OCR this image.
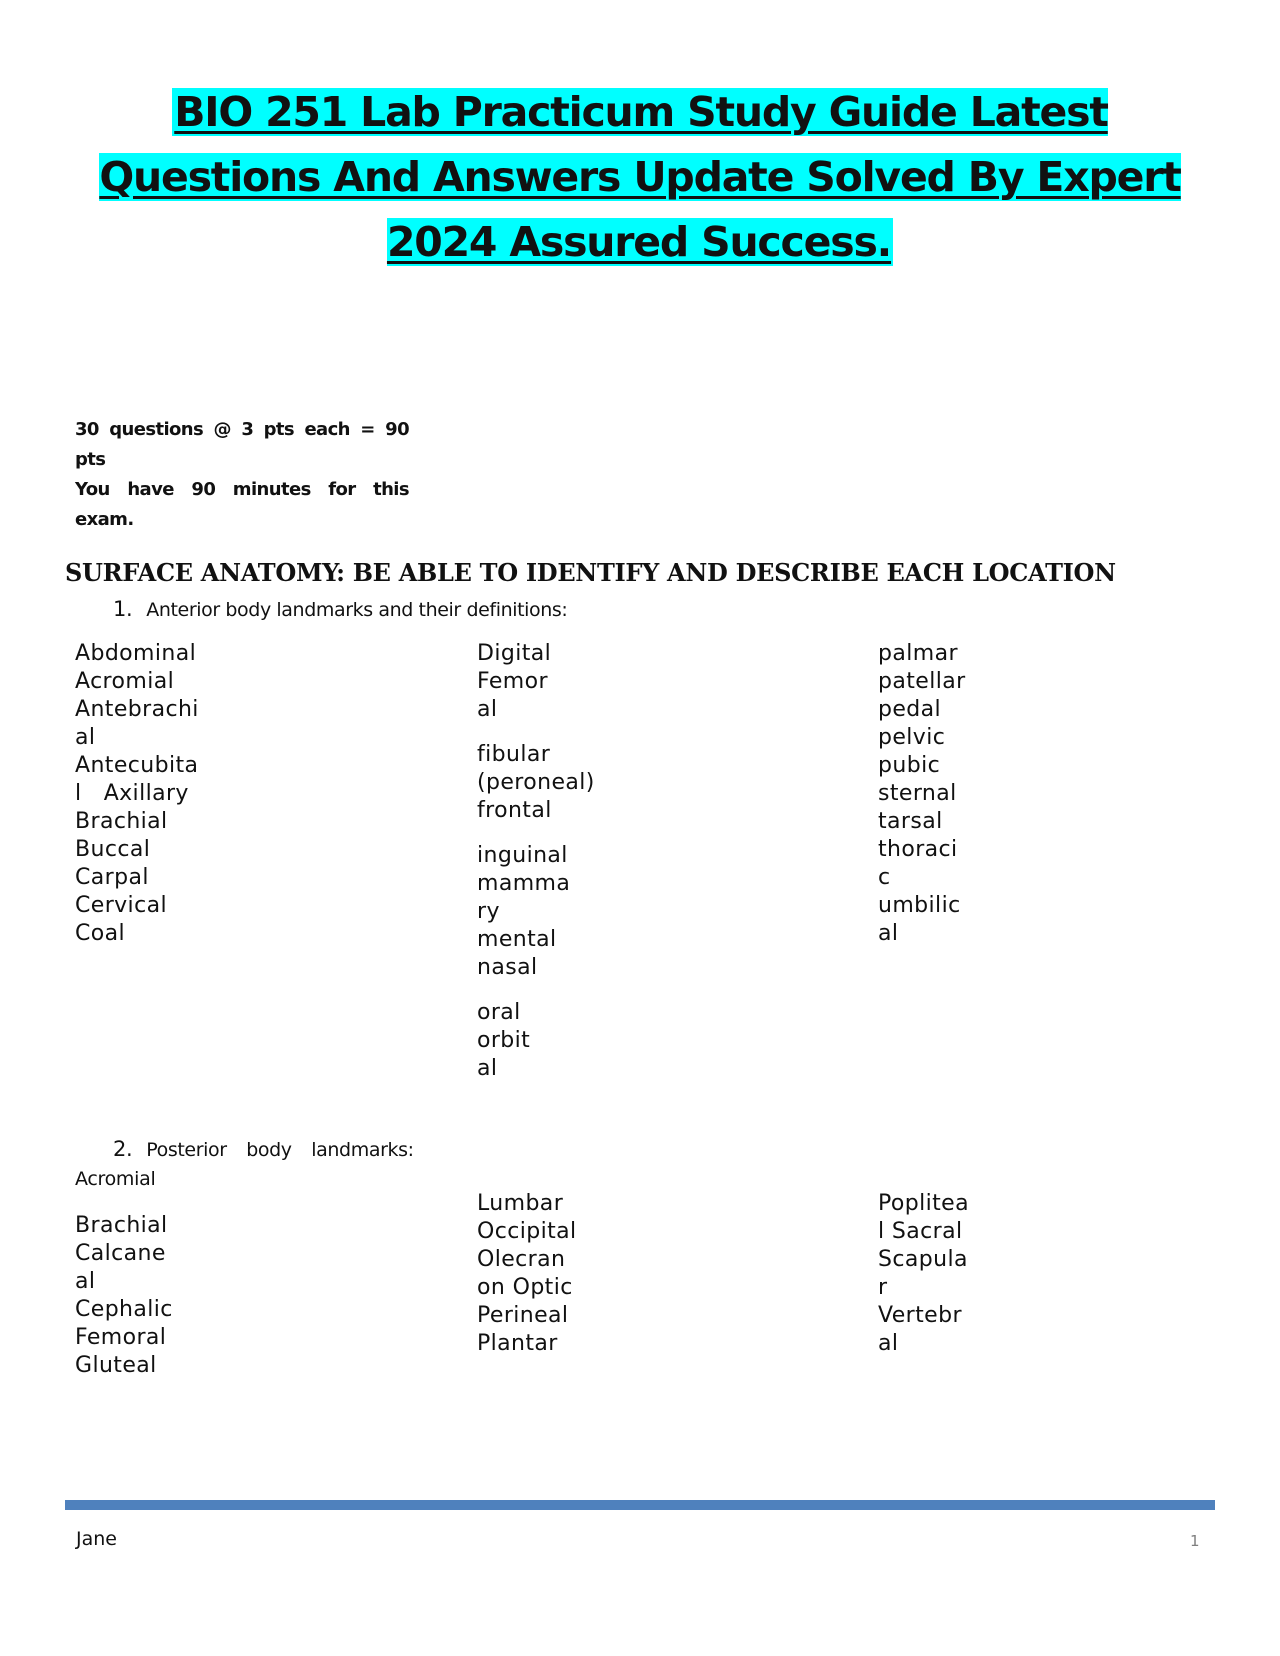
BIO 251 Lab Practicum Study Guide Latest Questions And Answers Update Solved By Expert 2024 Assured Success.
30 questions @ 3 pts each = 90 pts
You have 90 minutes for this
exam.
SURFACE ANATOMY: BE ABLE TO IDENTIFY AND DESCRIBE EACH LOCATION
1. Anterior body landmarks and their definitions:
Abdominal
Acromial
Antebrachi
al
Antecubita
l   Axillary
Brachial
Buccal
Carpal
Cervical
Coal
Digital
Femor
al
fibular
(peroneal)
frontal
inguinal
mamma
ry
mental
nasal
oral
orbit
al
palmar
patellar
pedal
pelvic
pubic
sternal
tarsal
thoraci
c
umbilic
al
2. Posterior body landmarks:
Acromial
Brachial
Calcane
al
Cephalic
Femoral
Gluteal
Lumbar
Occipital
Olecran
on Optic
Perineal
Plantar
Poplitea
l Sacral
Scapula
r
Vertebr
al
Jane	1
